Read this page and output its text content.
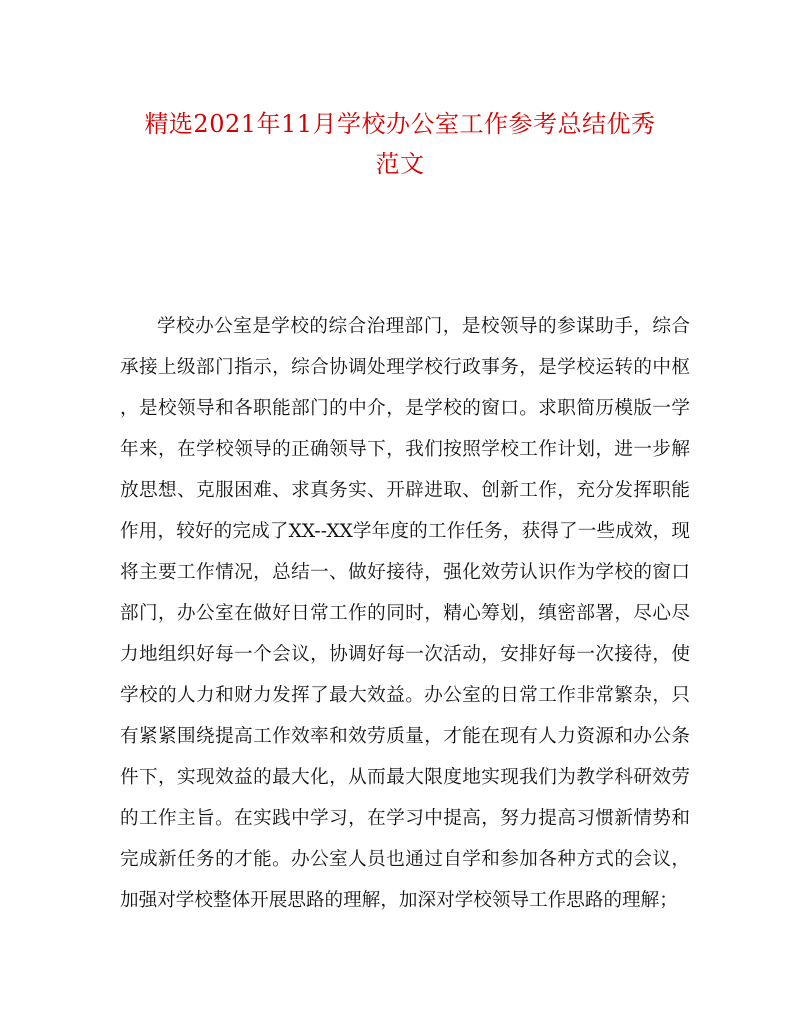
精选2021年11月学校办公室工作参考总结优秀
范文
学校办公室是学校的综合治理部门，是校领导的参谋助手，综合
承接上级部门指示，综合协调处理学校行政事务，是学校运转的中枢
，是校领导和各职能部门的中介，是学校的窗口。求职简历模版一学
年来，在学校领导的正确领导下，我们按照学校工作计划，进一步解
放思想、克服困难、求真务实、开辟进取、创新工作，充分发挥职能
作用，较好的完成了XX--XX学年度的工作任务，获得了一些成效，现
将主要工作情况，总结一、做好接待，强化效劳认识作为学校的窗口
部门，办公室在做好日常工作的同时，精心筹划，缜密部署，尽心尽
力地组织好每一个会议，协调好每一次活动，安排好每一次接待，使
学校的人力和财力发挥了最大效益。办公室的日常工作非常繁杂，只
有紧紧围绕提高工作效率和效劳质量，才能在现有人力资源和办公条
件下，实现效益的最大化，从而最大限度地实现我们为教学科研效劳
的工作主旨。在实践中学习，在学习中提高，努力提高习惯新情势和
完成新任务的才能。办公室人员也通过自学和参加各种方式的会议，
加强对学校整体开展思路的理解，加深对学校领导工作思路的理解；
